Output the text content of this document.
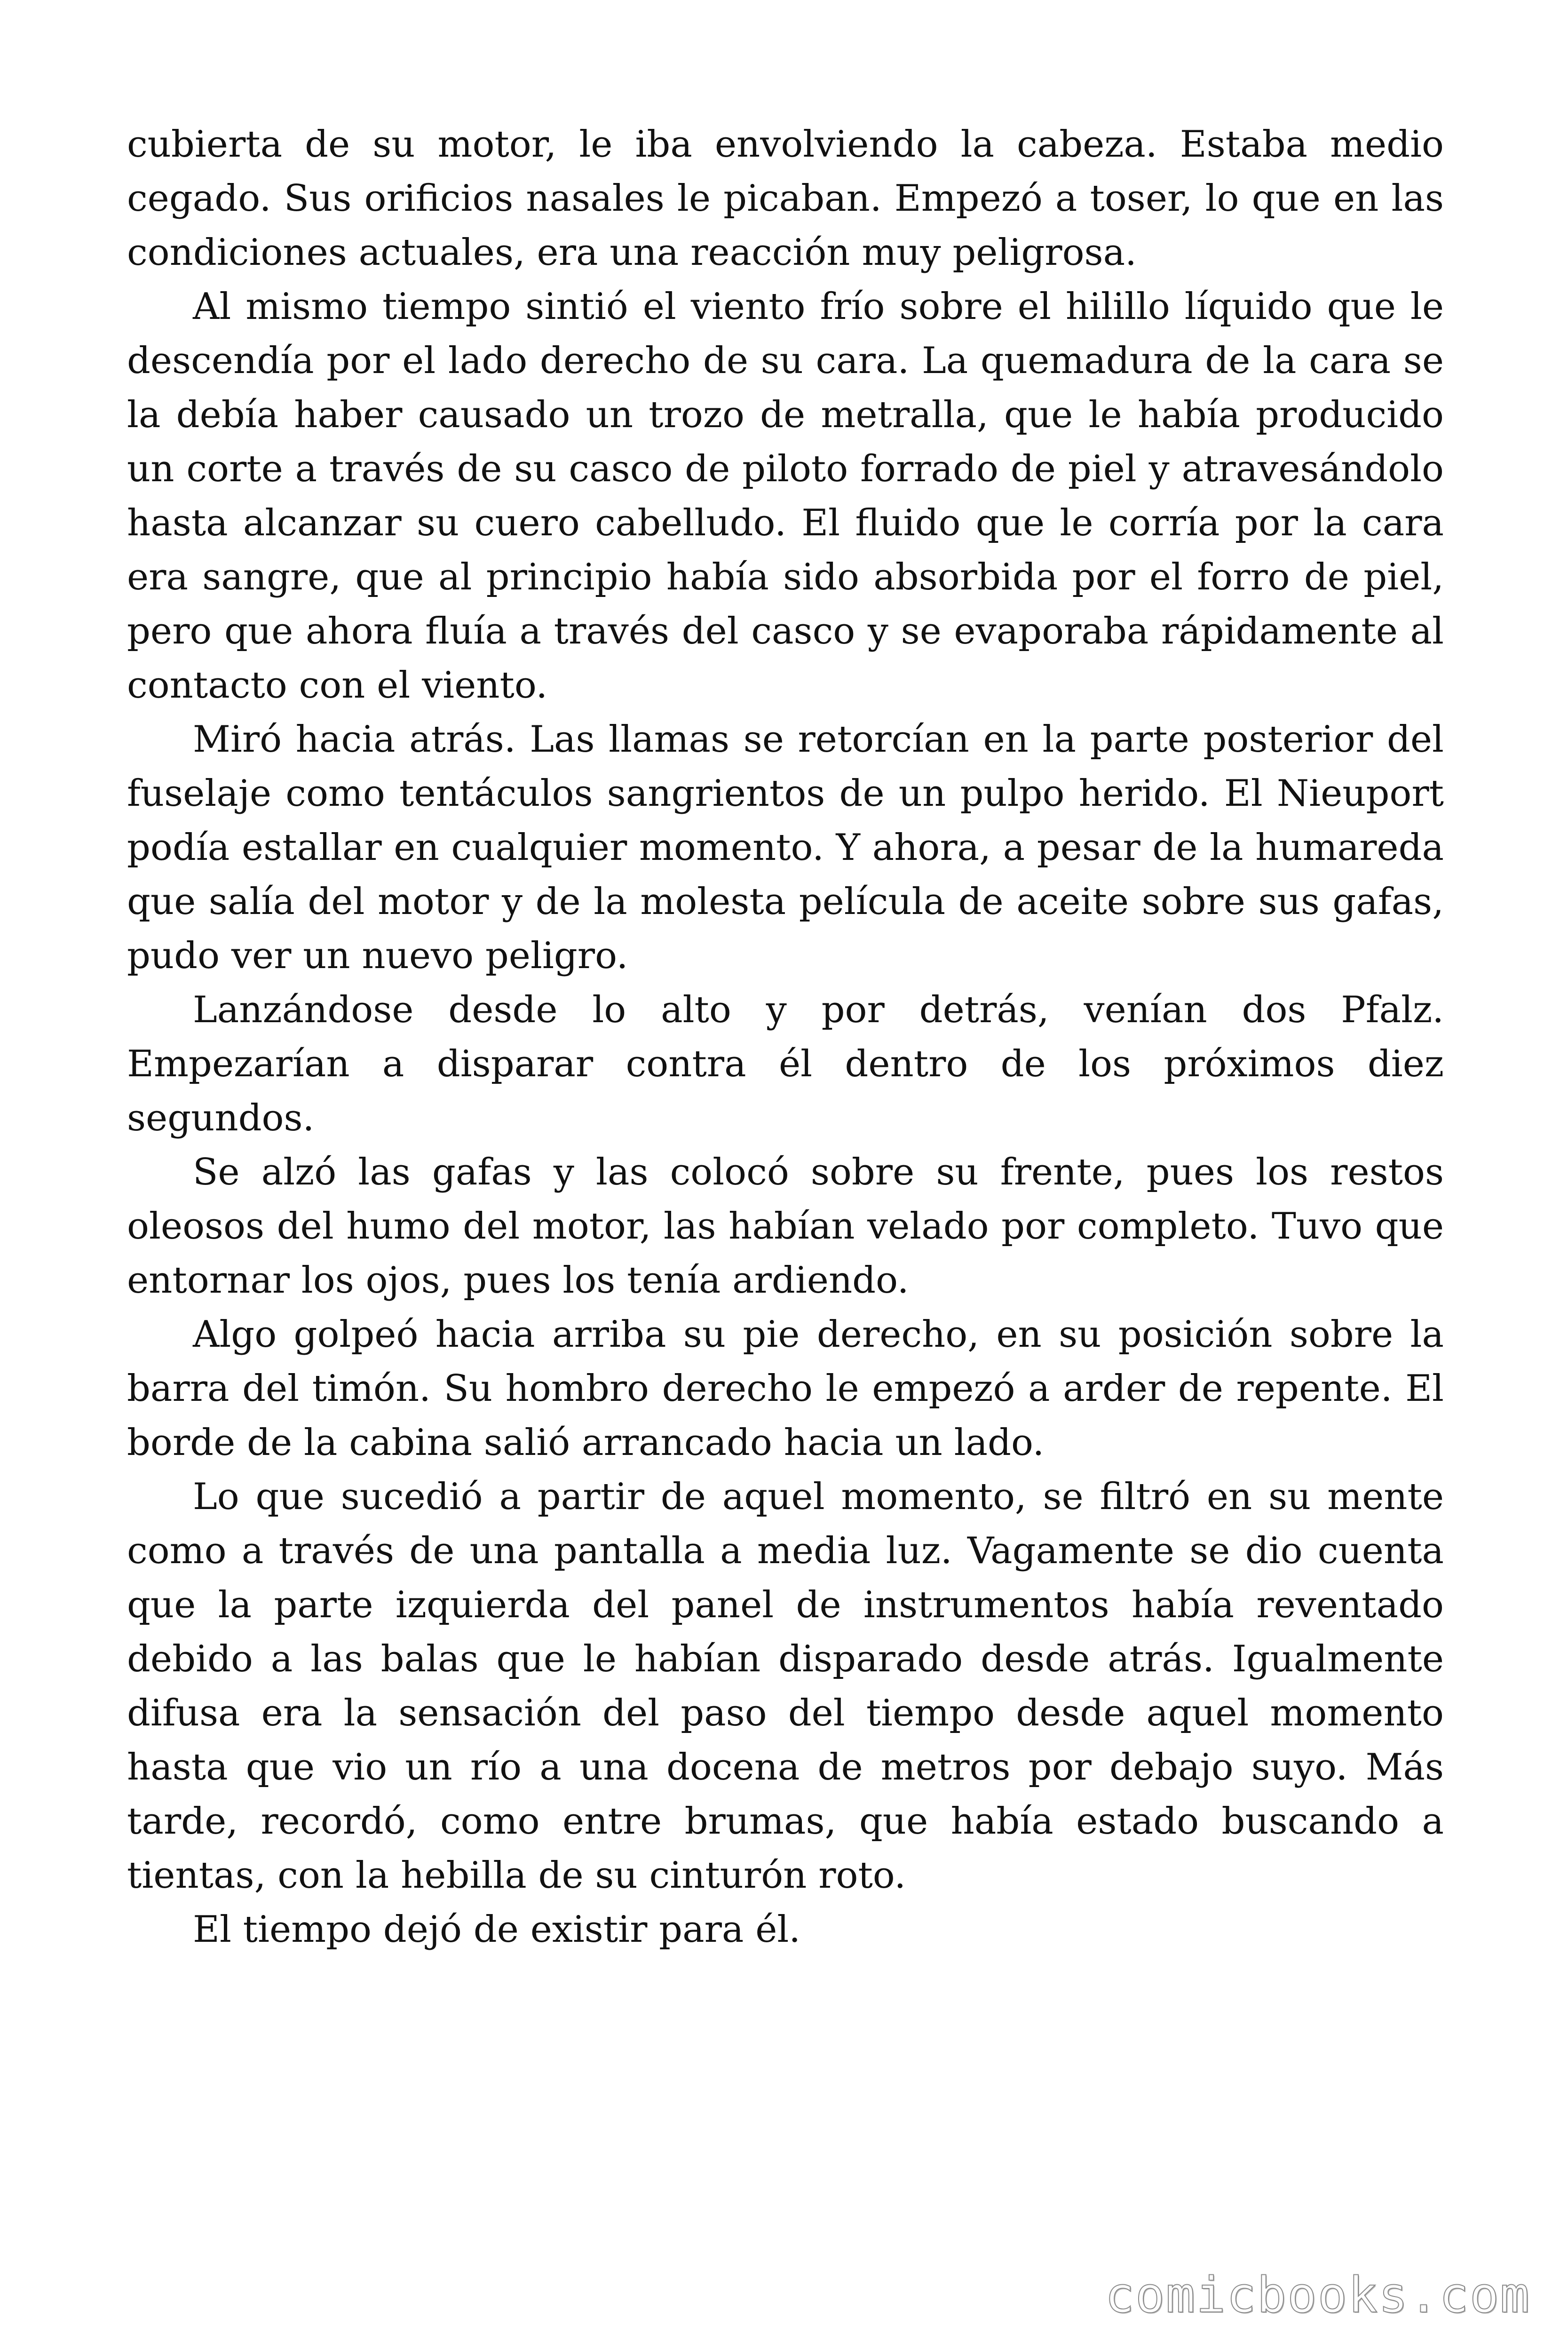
cubierta de su motor, le iba envolviendo la cabeza. Estaba medio cegado. Sus orificios nasales le picaban. Empezó a toser, lo que en las condiciones actuales, era una reacción muy peligrosa.

Al mismo tiempo sintió el viento frío sobre el hilillo líquido que le descendía por el lado derecho de su cara. La quemadura de la cara se la debía haber causado un trozo de metralla, que le había producido un corte a través de su casco de piloto forrado de piel y atravesándolo hasta alcanzar su cuero cabelludo. El fluido que le corría por la cara era sangre, que al principio había sido absorbida por el forro de piel, pero que ahora fluía a través del casco y se evaporaba rápidamente al contacto con el viento.

Miró hacia atrás. Las llamas se retorcían en la parte posterior del fuselaje como tentáculos sangrientos de un pulpo herido. El Nieuport podía estallar en cualquier momento. Y ahora, a pesar de la humareda que salía del motor y de la molesta película de aceite sobre sus gafas, pudo ver un nuevo peligro.

Lanzándose desde lo alto y por detrás, venían dos Pfalz. Empezarían a disparar contra él dentro de los próximos diez segundos.

Se alzó las gafas y las colocó sobre su frente, pues los restos oleosos del humo del motor, las habían velado por completo. Tuvo que entornar los ojos, pues los tenía ardiendo.

Algo golpeó hacia arriba su pie derecho, en su posición sobre la barra del timón. Su hombro derecho le empezó a arder de repente. El borde de la cabina salió arrancado hacia un lado.

Lo que sucedió a partir de aquel momento, se filtró en su mente como a través de una pantalla a media luz. Vagamente se dio cuenta que la parte izquierda del panel de instrumentos había reventado debido a las balas que le habían disparado desde atrás. Igualmente difusa era la sensación del paso del tiempo desde aquel momento hasta que vio un río a una docena de metros por debajo suyo. Más tarde, recordó, como entre brumas, que había estado buscando a tientas, con la hebilla de su cinturón roto.

El tiempo dejó de existir para él.

comicbooks.com
